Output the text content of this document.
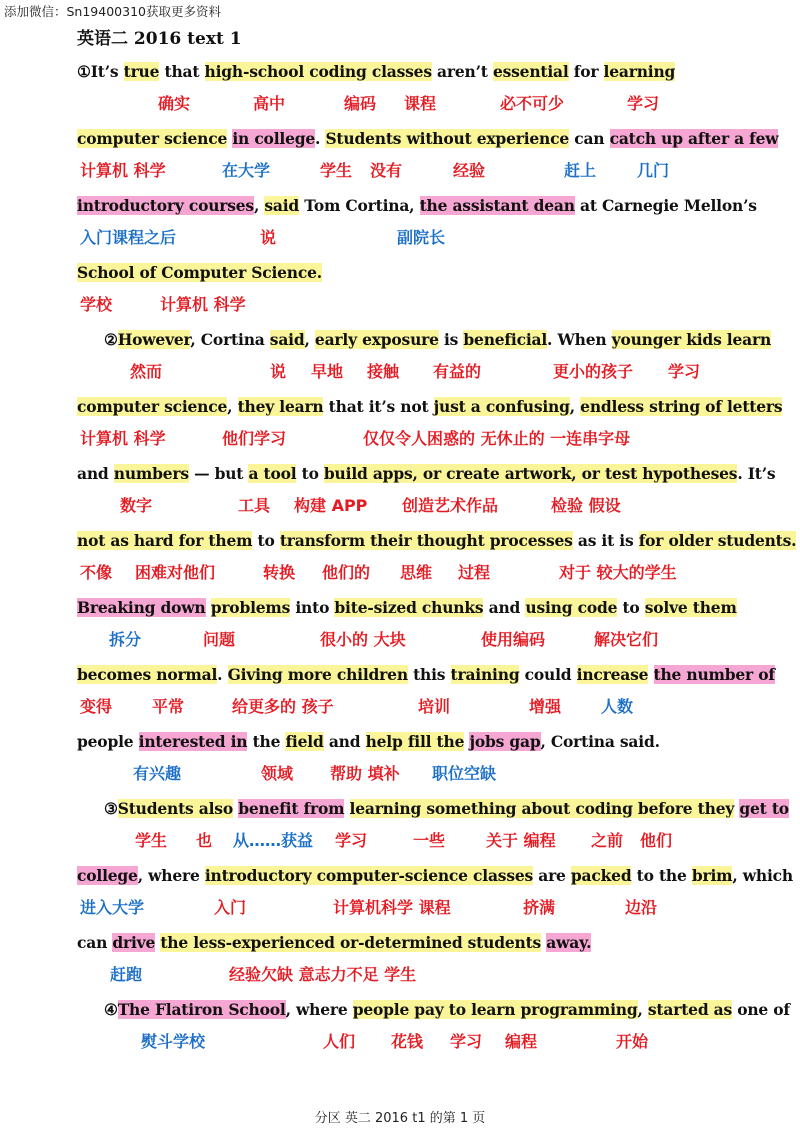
添加微信：Sn19400310获取更多资料
英语二 2016 text 1
①It’s true that high-school coding classes aren’t essential for learning
确实	高中	编码 课程	必不可少	学习
computer science in college. Students without experience can catch up after a few
计算机 科学	在大学	学生 没有	经验	赶上	几门
introductory courses, said Tom Cortina, the assistant dean at Carnegie Mellon’s
入门课程之后	说	副院长
School of Computer Science.
学校	计算机 科学
②However, Cortina said, early exposure is beneficial. When younger kids learn
然而	说 早地 接触 有益的	更小的孩子 学习
computer science, they learn that it’s not just a confusing, endless string of letters
计算机 科学	他们学习	仅仅令人困惑的 无休止的 一连串字母
and numbers — but a tool to build apps, or create artwork, or test hypotheses. It’s
数字	工具 构建 APP 创造艺术作品	检验 假设
not as hard for them to transform their thought processes as it is for older students.
不像 困难对他们	转换 他们的 思维 过程	对于 较大的学生
Breaking down problems into bite-sized chunks and using code to solve them
拆分	问题	很小的 大块	使用编码	解决它们
becomes normal. Giving more children this training could increase the number of
变得 平常	给更多的 孩子	培训	增强 人数
people interested in the field and help fill the jobs gap, Cortina said.
有兴趣	领域 帮助 填补 职位空缺
③Students also benefit from learning something about coding before they get to
学生 也 从……获益 学习	一些	关于 编程 之前 他们
college, where introductory computer-science classes are packed to the brim, which
进入大学	入门	计算机科学 课程	挤满	边沿
can drive the less-experienced or-determined students away.
赶跑	经验欠缺 意志力不足 学生
④The Flatiron School, where people pay to learn programming, started as one of
熨斗学校	人们 花钱 学习 编程	开始
分区 英二 2016 t1 的第 1 页
